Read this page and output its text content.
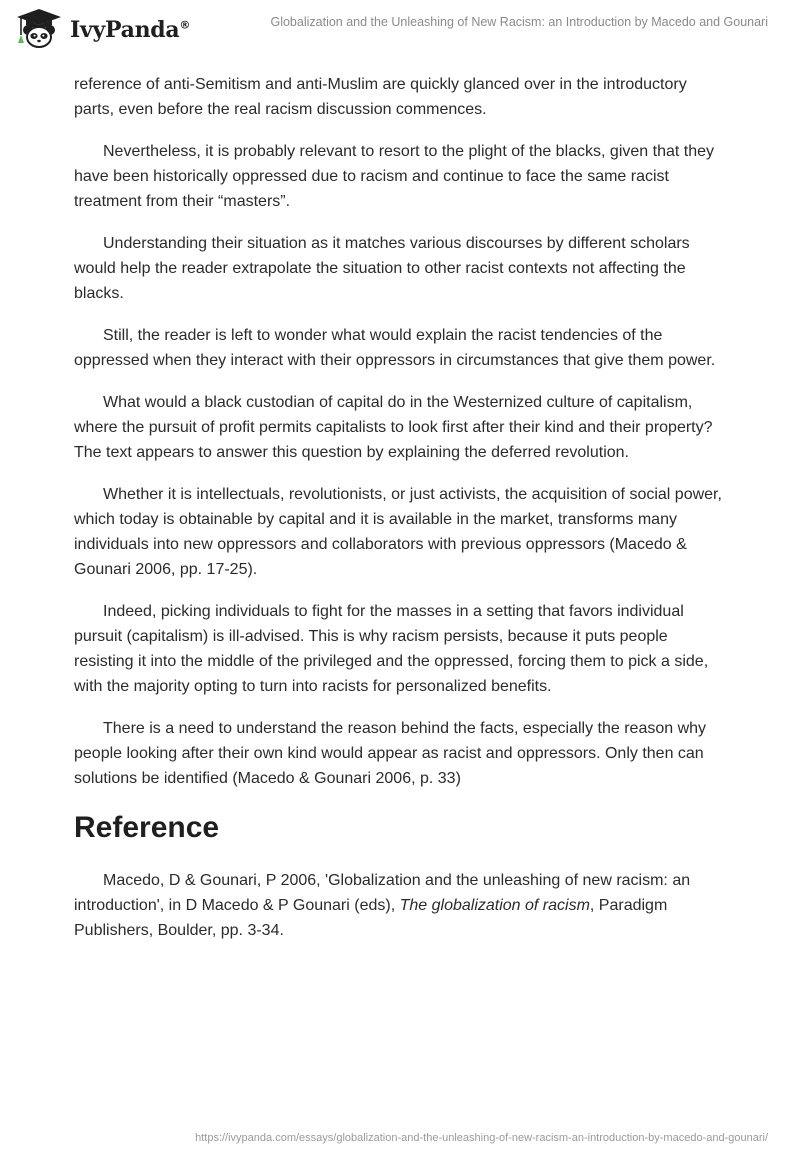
IvyPanda®	Globalization and the Unleashing of New Racism: an Introduction by Macedo and Gounari

reference of anti-Semitism and anti-Muslim are quickly glanced over in the introductory parts, even before the real racism discussion commences.

Nevertheless, it is probably relevant to resort to the plight of the blacks, given that they have been historically oppressed due to racism and continue to face the same racist treatment from their “masters”.

Understanding their situation as it matches various discourses by different scholars would help the reader extrapolate the situation to other racist contexts not affecting the blacks.

Still, the reader is left to wonder what would explain the racist tendencies of the oppressed when they interact with their oppressors in circumstances that give them power.

What would a black custodian of capital do in the Westernized culture of capitalism, where the pursuit of profit permits capitalists to look first after their kind and their property? The text appears to answer this question by explaining the deferred revolution.

Whether it is intellectuals, revolutionists, or just activists, the acquisition of social power, which today is obtainable by capital and it is available in the market, transforms many individuals into new oppressors and collaborators with previous oppressors (Macedo & Gounari 2006, pp. 17-25).

Indeed, picking individuals to fight for the masses in a setting that favors individual pursuit (capitalism) is ill-advised. This is why racism persists, because it puts people resisting it into the middle of the privileged and the oppressed, forcing them to pick a side, with the majority opting to turn into racists for personalized benefits.

There is a need to understand the reason behind the facts, especially the reason why people looking after their own kind would appear as racist and oppressors. Only then can solutions be identified (Macedo & Gounari 2006, p. 33)

Reference

Macedo, D & Gounari, P 2006, 'Globalization and the unleashing of new racism: an introduction', in D Macedo & P Gounari (eds), The globalization of racism, Paradigm Publishers, Boulder, pp. 3-34.

https://ivypanda.com/essays/globalization-and-the-unleashing-of-new-racism-an-introduction-by-macedo-and-gounari/
